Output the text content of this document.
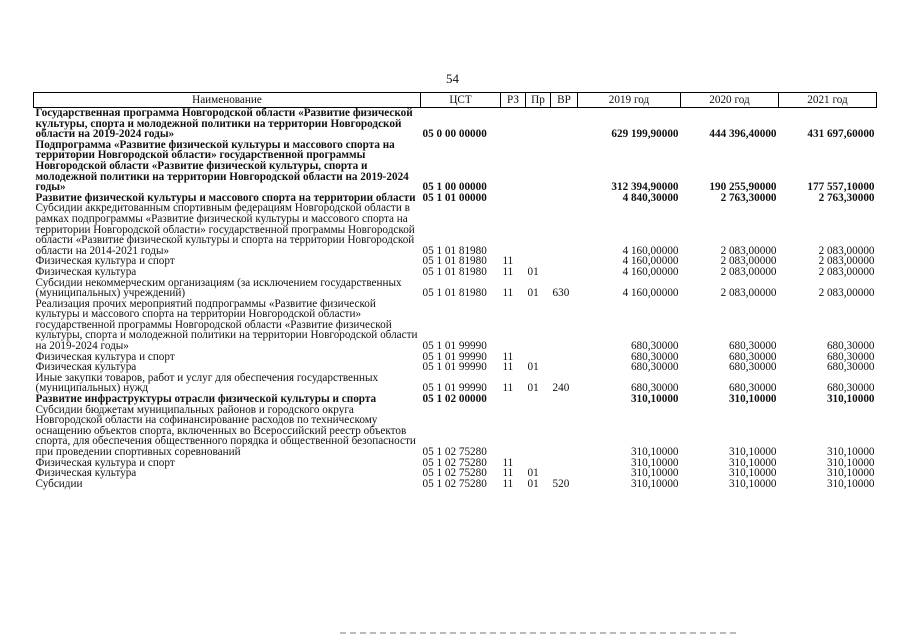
54
Наименование	ЦСТ	РЗ	Пр	ВР	2019 год	2020 год	2021 год
Государственная программа Новгородской области «Развитие физической культуры, спорта и молодежной политики на территории Новгородской области на 2019-2024 годы»	05 0 00 00000				629 199,90000	444 396,40000	431 697,60000
Подпрограмма «Развитие физической культуры и массового спорта на территории Новгородской области» государственной программы Новгородской области «Развитие физической культуры, спорта и молодежной политики на территории Новгородской области на 2019-2024 годы»	05 1 00 00000				312 394,90000	190 255,90000	177 557,10000
Развитие физической культуры и массового спорта на территории области	05 1 01 00000				4 840,30000	2 763,30000	2 763,30000
Субсидии аккредитованным спортивным федерациям Новгородской области в рамках подпрограммы «Развитие физической культуры и массового спорта на территории Новгородской области» государственной программы Новгородской области «Развитие физической культуры и спорта на территории Новгородской области на 2014-2021 годы»	05 1 01 81980				4 160,00000	2 083,00000	2 083,00000
Физическая культура и спорт	05 1 01 81980	11			4 160,00000	2 083,00000	2 083,00000
Физическая культура	05 1 01 81980	11	01		4 160,00000	2 083,00000	2 083,00000
Субсидии некоммерческим организациям (за исключением государственных (муниципальных) учреждений)	05 1 01 81980	11	01	630	4 160,00000	2 083,00000	2 083,00000
Реализация прочих мероприятий подпрограммы «Развитие физической культуры и массового спорта на территории Новгородской области» государственной программы Новгородской области «Развитие физической культуры, спорта и молодежной политики на территории Новгородской области на 2019-2024 годы»	05 1 01 99990				680,30000	680,30000	680,30000
Физическая культура и спорт	05 1 01 99990	11			680,30000	680,30000	680,30000
Физическая культура	05 1 01 99990	11	01		680,30000	680,30000	680,30000
Иные закупки товаров, работ и услуг для обеспечения государственных (муниципальных) нужд	05 1 01 99990	11	01	240	680,30000	680,30000	680,30000
Развитие инфраструктуры отрасли физической культуры и спорта	05 1 02 00000				310,10000	310,10000	310,10000
Субсидии бюджетам муниципальных районов и городского округа Новгородской области на софинансирование расходов по техническому оснащению объектов спорта, включенных во Всероссийский реестр объектов спорта, для обеспечения общественного порядка и общественной безопасности при проведении спортивных соревнований	05 1 02 75280				310,10000	310,10000	310,10000
Физическая культура и спорт	05 1 02 75280	11			310,10000	310,10000	310,10000
Физическая культура	05 1 02 75280	11	01		310,10000	310,10000	310,10000
Субсидии	05 1 02 75280	11	01	520	310,10000	310,10000	310,10000
